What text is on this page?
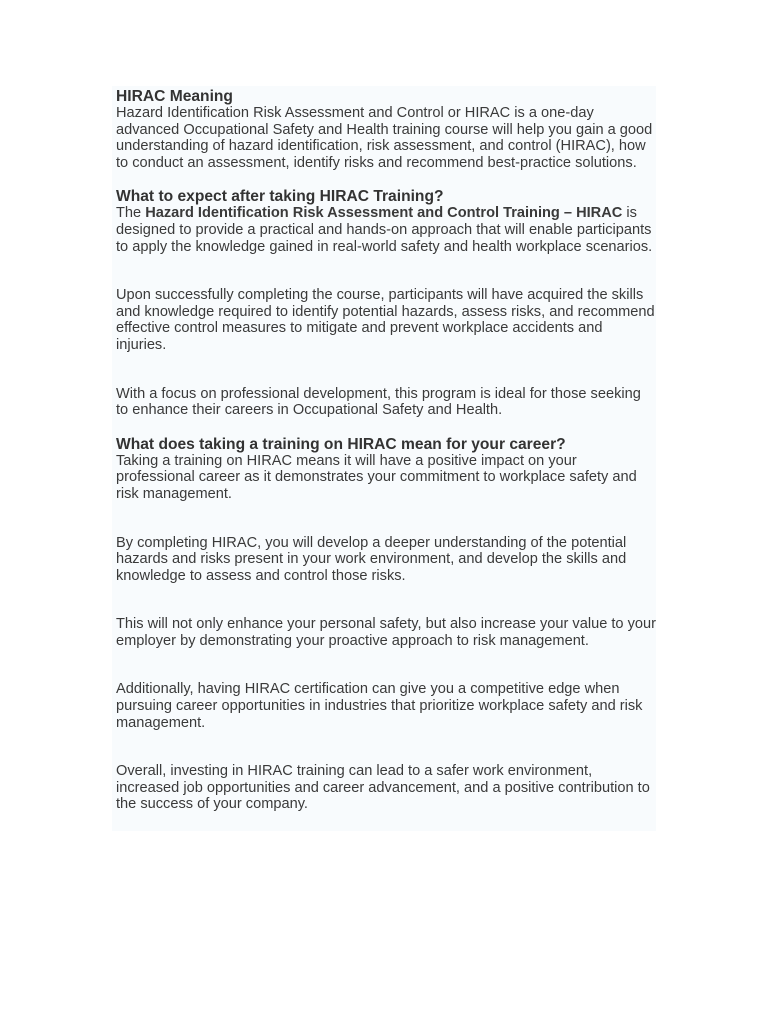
HIRAC Meaning

Hazard Identification Risk Assessment and Control or HIRAC is a one-day advanced Occupational Safety and Health training course will help you gain a good understanding of hazard identification, risk assessment, and control (HIRAC), how to conduct an assessment, identify risks and recommend best-practice solutions.

What to expect after taking HIRAC Training?

The Hazard Identification Risk Assessment and Control Training – HIRAC is designed to provide a practical and hands-on approach that will enable participants to apply the knowledge gained in real-world safety and health workplace scenarios.

Upon successfully completing the course, participants will have acquired the skills and knowledge required to identify potential hazards, assess risks, and recommend effective control measures to mitigate and prevent workplace accidents and injuries.

With a focus on professional development, this program is ideal for those seeking to enhance their careers in Occupational Safety and Health.

What does taking a training on HIRAC mean for your career?

Taking a training on HIRAC means it will have a positive impact on your professional career as it demonstrates your commitment to workplace safety and risk management.

By completing HIRAC, you will develop a deeper understanding of the potential hazards and risks present in your work environment, and develop the skills and knowledge to assess and control those risks.

This will not only enhance your personal safety, but also increase your value to your employer by demonstrating your proactive approach to risk management.

Additionally, having HIRAC certification can give you a competitive edge when pursuing career opportunities in industries that prioritize workplace safety and risk management.

Overall, investing in HIRAC training can lead to a safer work environment, increased job opportunities and career advancement, and a positive contribution to the success of your company.
